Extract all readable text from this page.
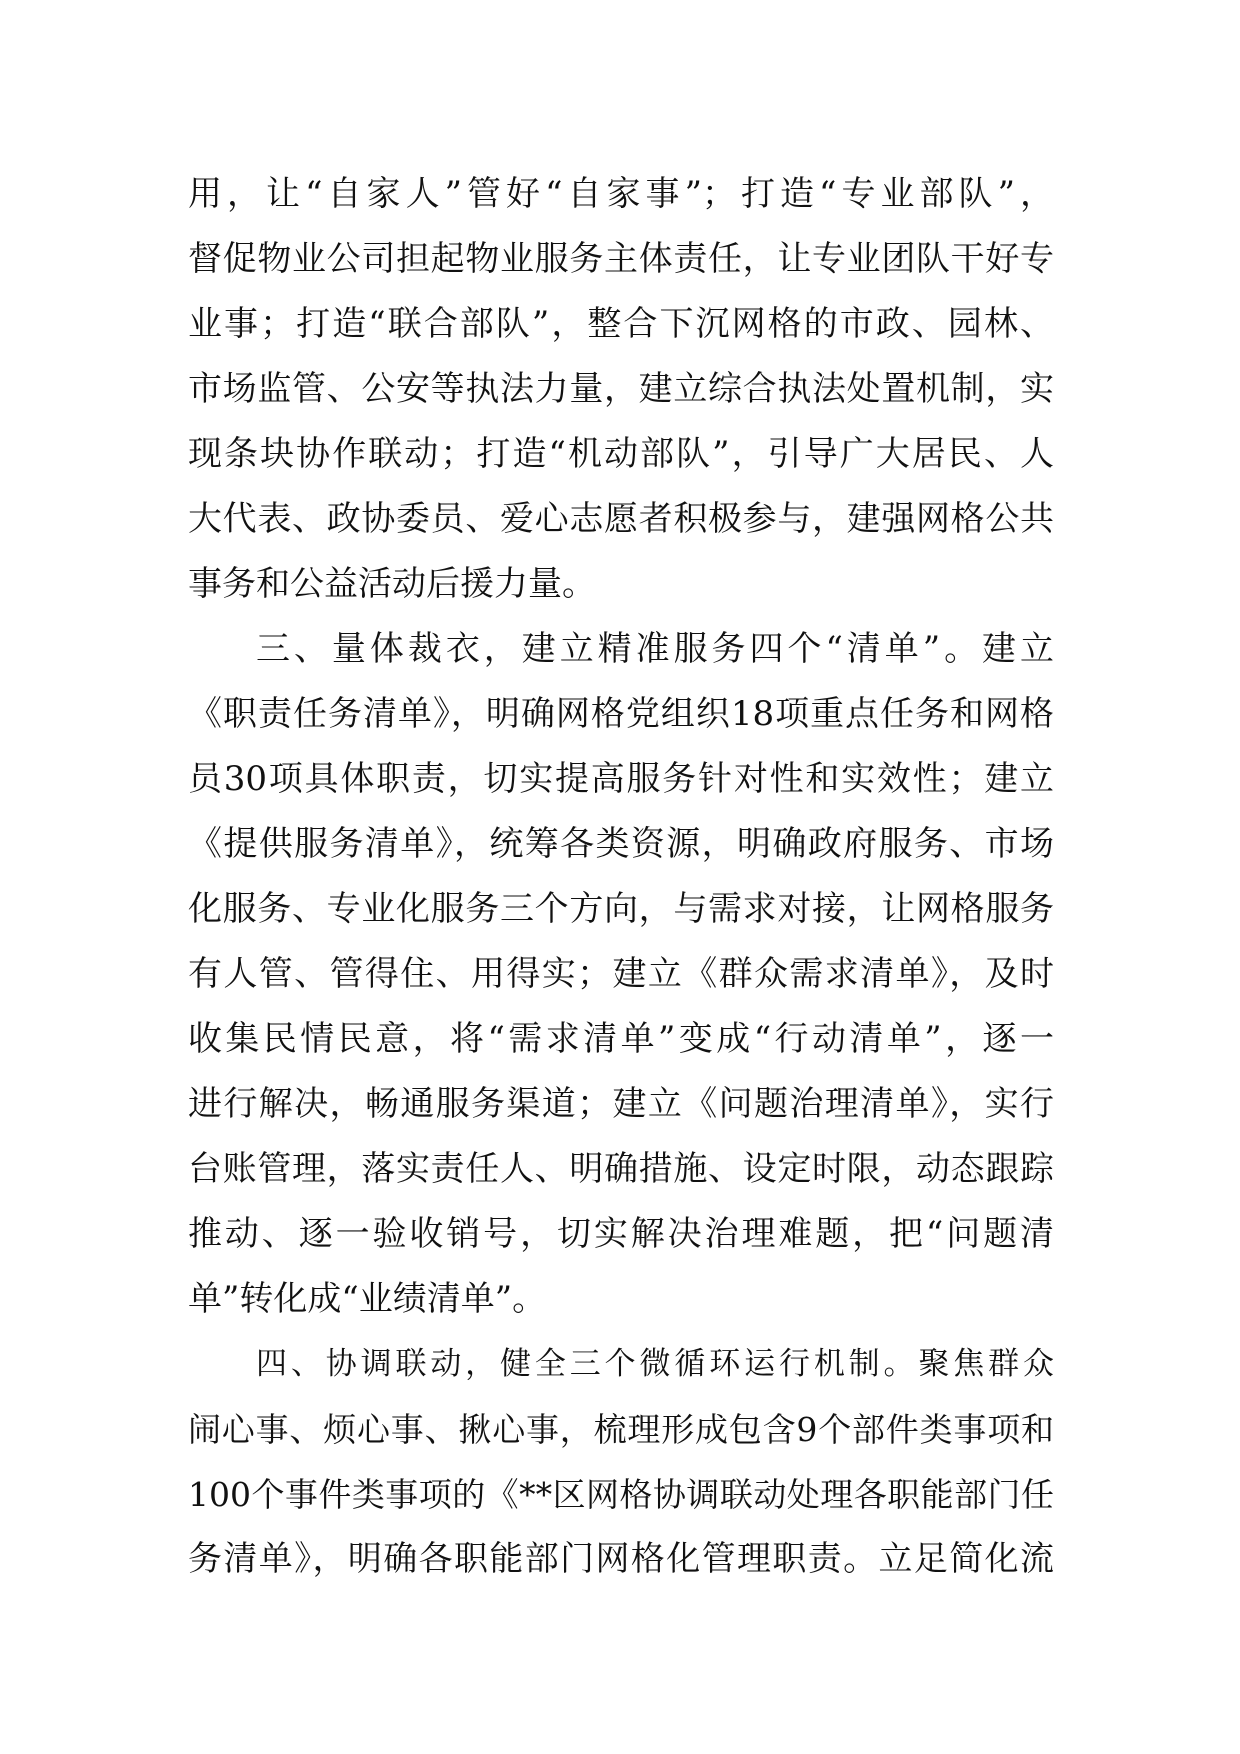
用，让“自家人”管好“自家事”；打造“专业部队”，
督促物业公司担起物业服务主体责任，让专业团队干好专
业事；打造“联合部队”，整合下沉网格的市政、园林、
市场监管、公安等执法力量，建立综合执法处置机制，实
现条块协作联动；打造“机动部队”，引导广大居民、人
大代表、政协委员、爱心志愿者积极参与，建强网格公共
事务和公益活动后援力量。
三、量体裁衣，建立精准服务四个“清单”。建立
《职责任务清单》，明确网格党组织18项重点任务和网格
员30项具体职责，切实提高服务针对性和实效性；建立
《提供服务清单》，统筹各类资源，明确政府服务、市场
化服务、专业化服务三个方向，与需求对接，让网格服务
有人管、管得住、用得实；建立《群众需求清单》，及时
收集民情民意，将“需求清单”变成“行动清单”，逐一
进行解决，畅通服务渠道；建立《问题治理清单》，实行
台账管理，落实责任人、明确措施、设定时限，动态跟踪
推动、逐一验收销号，切实解决治理难题，把“问题清
单”转化成“业绩清单”。
四、协调联动，健全三个微循环运行机制。聚焦群众
闹心事、烦心事、揪心事，梳理形成包含9个部件类事项和
100个事件类事项的《**区网格协调联动处理各职能部门任
务清单》，明确各职能部门网格化管理职责。立足简化流
